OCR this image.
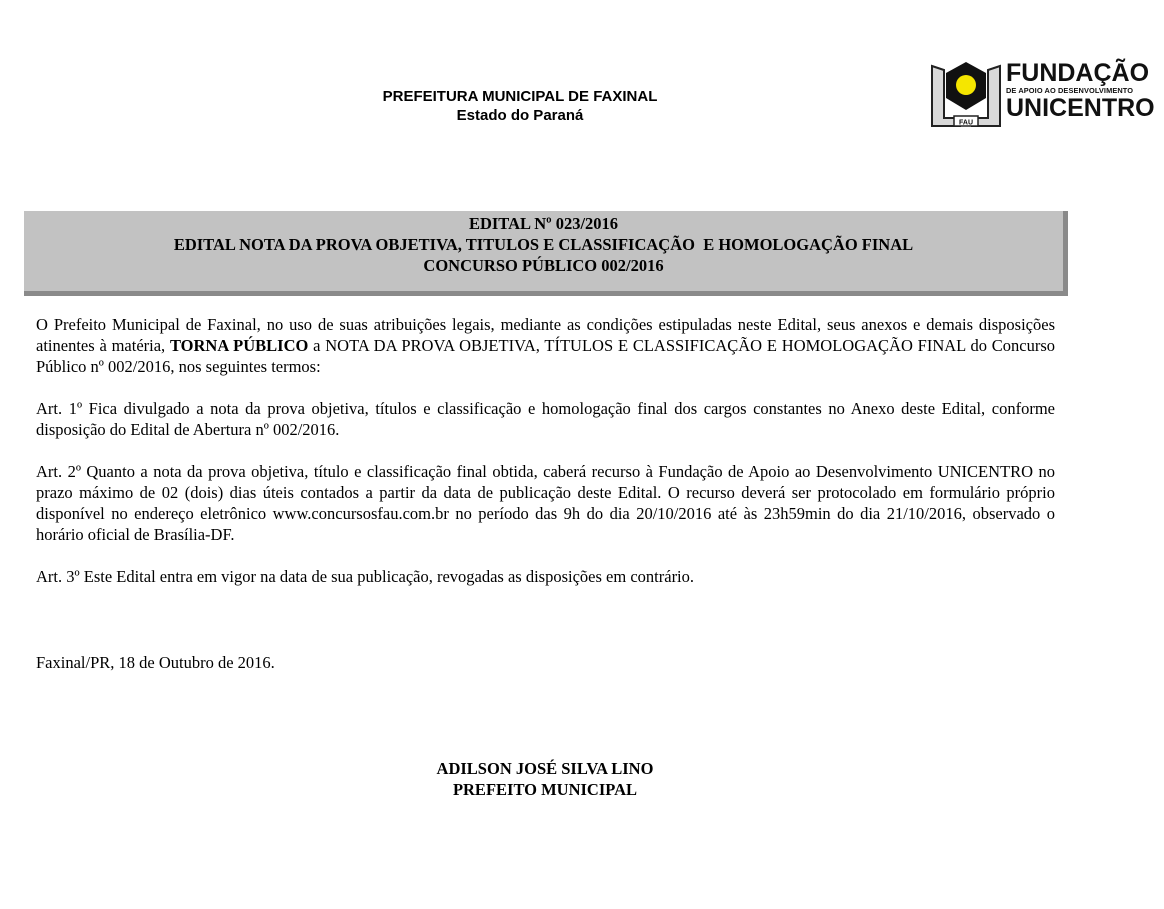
PREFEITURA MUNICIPAL DE FAXINAL
Estado do Paraná	FAU
FUNDAÇÃO
DE APOIO AO DESENVOLVIMENTO
UNICENTRO
EDITAL Nº 023/2016
EDITAL NOTA DA PROVA OBJETIVA, TITULOS E CLASSIFICAÇÃO  E HOMOLOGAÇÃO FINAL
CONCURSO PÚBLICO 002/2016

O Prefeito Municipal de Faxinal, no uso de suas atribuições legais, mediante as condições estipuladas neste Edital, seus anexos e demais disposições atinentes à matéria, TORNA PÚBLICO a NOTA DA PROVA OBJETIVA, TÍTULOS E CLASSIFICAÇÃO E HOMOLOGAÇÃO FINAL do Concurso Público nº 002/2016, nos seguintes termos:

Art. 1º Fica divulgado a nota da prova objetiva, títulos e classificação e homologação final dos cargos constantes no Anexo deste Edital, conforme disposição do Edital de Abertura nº 002/2016.

Art. 2º Quanto a nota da prova objetiva, título e classificação final obtida, caberá recurso à Fundação de Apoio ao Desenvolvimento UNICENTRO no prazo máximo de 02 (dois) dias úteis contados a partir da data de publicação deste Edital. O recurso deverá ser protocolado em formulário próprio disponível no endereço eletrônico www.concursosfau.com.br no período das 9h do dia 20/10/2016 até às 23h59min do dia 21/10/2016, observado o horário oficial de Brasília-DF.

Art. 3º Este Edital entra em vigor na data de sua publicação, revogadas as disposições em contrário.

Faxinal/PR, 18 de Outubro de 2016.
ADILSON JOSÉ SILVA LINO
PREFEITO MUNICIPAL
